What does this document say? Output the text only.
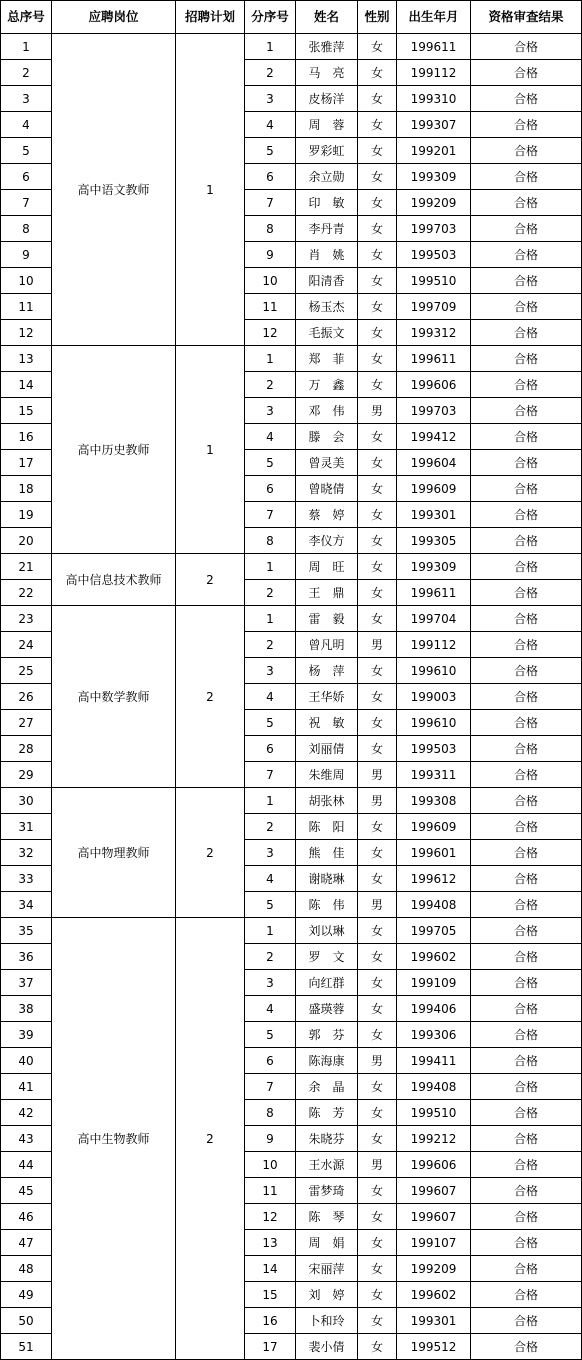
总序号	应聘岗位	招聘计划	分序号	姓名	性别	出生年月	资格审查结果
1	高中语文教师	1	1	张雅萍	女	199611	合格
2			2	马　亮	女	199112	合格
3			3	皮杨洋	女	199310	合格
4			4	周　蓉	女	199307	合格
5			5	罗彩虹	女	199201	合格
6			6	余立勋	女	199309	合格
7			7	印　敏	女	199209	合格
8			8	李丹青	女	199703	合格
9			9	肖　姚	女	199503	合格
10			10	阳清香	女	199510	合格
11			11	杨玉杰	女	199709	合格
12			12	毛振文	女	199312	合格
13	高中历史教师	1	1	郑　菲	女	199611	合格
14			2	万　鑫	女	199606	合格
15			3	邓　伟	男	199703	合格
16			4	滕　会	女	199412	合格
17			5	曾灵美	女	199604	合格
18			6	曾晓倩	女	199609	合格
19			7	蔡　婷	女	199301	合格
20			8	李仪方	女	199305	合格
21	高中信息技术教师	2	1	周　旺	女	199309	合格
22			2	王　鼎	女	199611	合格
23	高中数学教师	2	1	雷　毅	女	199704	合格
24			2	曾凡明	男	199112	合格
25			3	杨　萍	女	199610	合格
26			4	王华娇	女	199003	合格
27			5	祝　敏	女	199610	合格
28			6	刘丽倩	女	199503	合格
29			7	朱维周	男	199311	合格
30	高中物理教师	2	1	胡张林	男	199308	合格
31			2	陈　阳	女	199609	合格
32			3	熊　佳	女	199601	合格
33			4	谢晓琳	女	199612	合格
34			5	陈　伟	男	199408	合格
35	高中生物教师	2	1	刘以琳	女	199705	合格
36			2	罗　文	女	199602	合格
37			3	向红群	女	199109	合格
38			4	盛瑛蓉	女	199406	合格
39			5	郭　芬	女	199306	合格
40			6	陈海康	男	199411	合格
41			7	余　晶	女	199408	合格
42			8	陈　芳	女	199510	合格
43			9	朱晓芬	女	199212	合格
44			10	王水源	男	199606	合格
45			11	雷梦琦	女	199607	合格
46			12	陈　琴	女	199607	合格
47			13	周　娟	女	199107	合格
48			14	宋丽萍	女	199209	合格
49			15	刘　婷	女	199602	合格
50			16	卜和玲	女	199301	合格
51			17	裴小倩	女	199512	合格
